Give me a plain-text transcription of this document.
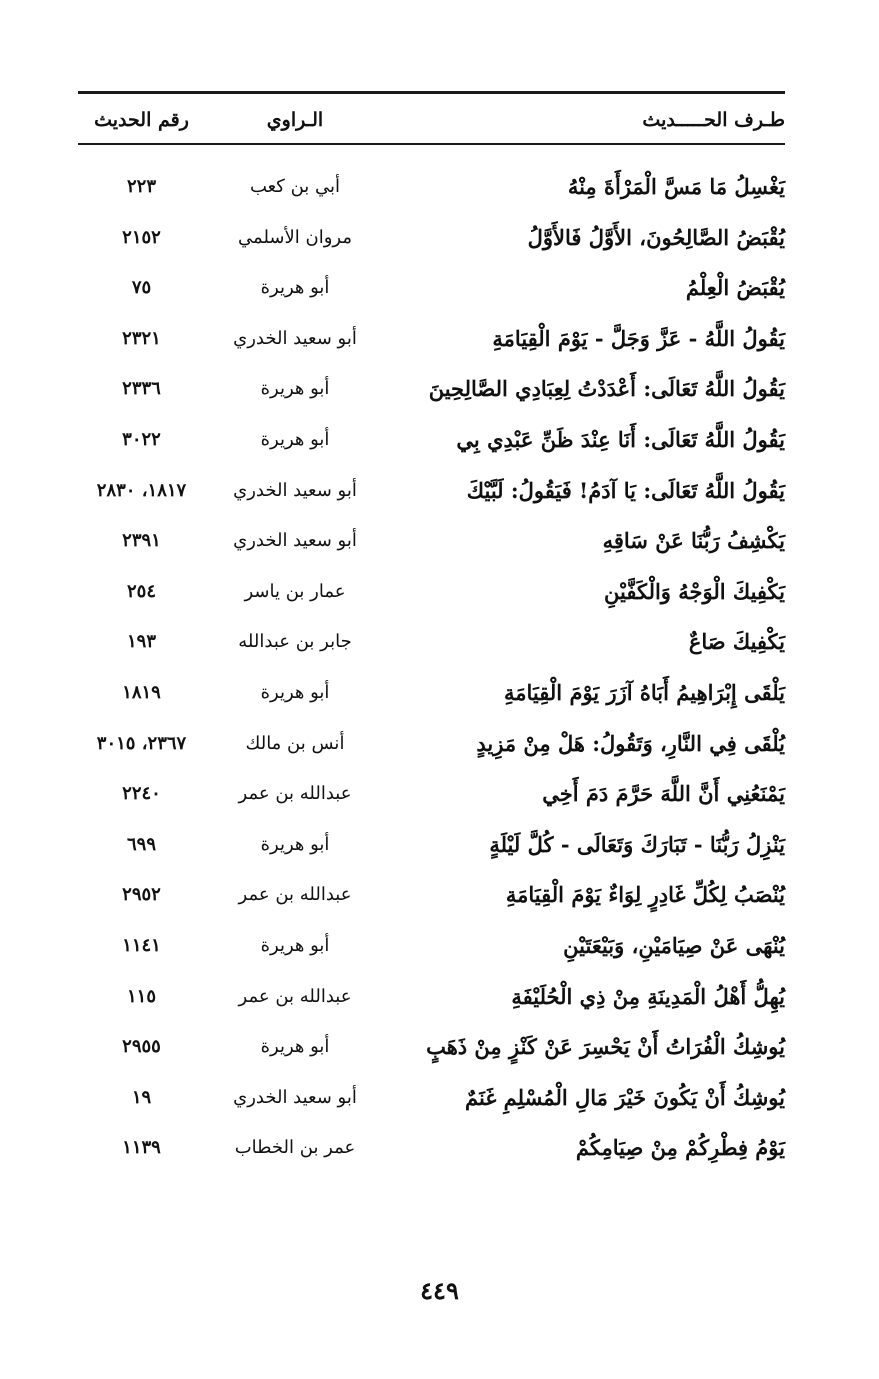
طـرف الحـــــديث
الـراوي
رقم الحديث
يَغْسِلُ مَا مَسَّ الْمَرْأَةَ مِنْهُ
أبي بن كعب
٢٢٣
يُقْبَضُ الصَّالِحُونَ، الأَوَّلُ فَالأَوَّلُ
مروان الأسلمي
٢١٥٢
يُقْبَضُ الْعِلْمُ
أبو هريرة
٧٥
يَقُولُ اللَّهُ - عَزَّ وَجَلَّ - يَوْمَ الْقِيَامَةِ
أبو سعيد الخدري
٢٣٢١
يَقُولُ اللَّهُ تَعَالَى: أَعْدَدْتُ لِعِبَادِي الصَّالِحِينَ
أبو هريرة
٢٣٣٦
يَقُولُ اللَّهُ تَعَالَى: أَنَا عِنْدَ ظَنِّ عَبْدِي بِي
أبو هريرة
٣٠٢٢
يَقُولُ اللَّهُ تَعَالَى: يَا آدَمُ! فَيَقُولُ: لَبَّيْكَ
أبو سعيد الخدري
١٨١٧، ٢٨٣٠
يَكْشِفُ رَبُّنَا عَنْ سَاقِهِ
أبو سعيد الخدري
٢٣٩١
يَكْفِيكَ الْوَجْهُ وَالْكَفَّيْنِ
عمار بن ياسر
٢٥٤
يَكْفِيكَ صَاعٌ
جابر بن عبدالله
١٩٣
يَلْقَى إِبْرَاهِيمُ أَبَاهُ آزَرَ يَوْمَ الْقِيَامَةِ
أبو هريرة
١٨١٩
يُلْقَى فِي النَّارِ، وَتَقُولُ: هَلْ مِنْ مَزِيدٍ
أنس بن مالك
٢٣٦٧، ٣٠١٥
يَمْنَعُنِي أَنَّ اللَّهَ حَرَّمَ دَمَ أَخِي
عبدالله بن عمر
٢٢٤٠
يَنْزِلُ رَبُّنَا - تَبَارَكَ وَتَعَالَى - كُلَّ لَيْلَةٍ
أبو هريرة
٦٩٩
يُنْصَبُ لِكُلِّ غَادِرٍ لِوَاءٌ يَوْمَ الْقِيَامَةِ
عبدالله بن عمر
٢٩٥٢
يُنْهَى عَنْ صِيَامَيْنِ، وَبَيْعَتَيْنِ
أبو هريرة
١١٤١
يُهِلُّ أَهْلُ الْمَدِينَةِ مِنْ ذِي الْحُلَيْفَةِ
عبدالله بن عمر
١١٥
يُوشِكُ الْفُرَاتُ أَنْ يَحْسِرَ عَنْ كَنْزٍ مِنْ ذَهَبٍ
أبو هريرة
٢٩٥٥
يُوشِكُ أَنْ يَكُونَ خَيْرَ مَالِ الْمُسْلِمِ غَنَمٌ
أبو سعيد الخدري
١٩
يَوْمُ فِطْرِكُمْ مِنْ صِيَامِكُمْ
عمر بن الخطاب
١١٣٩
٤٤٩
